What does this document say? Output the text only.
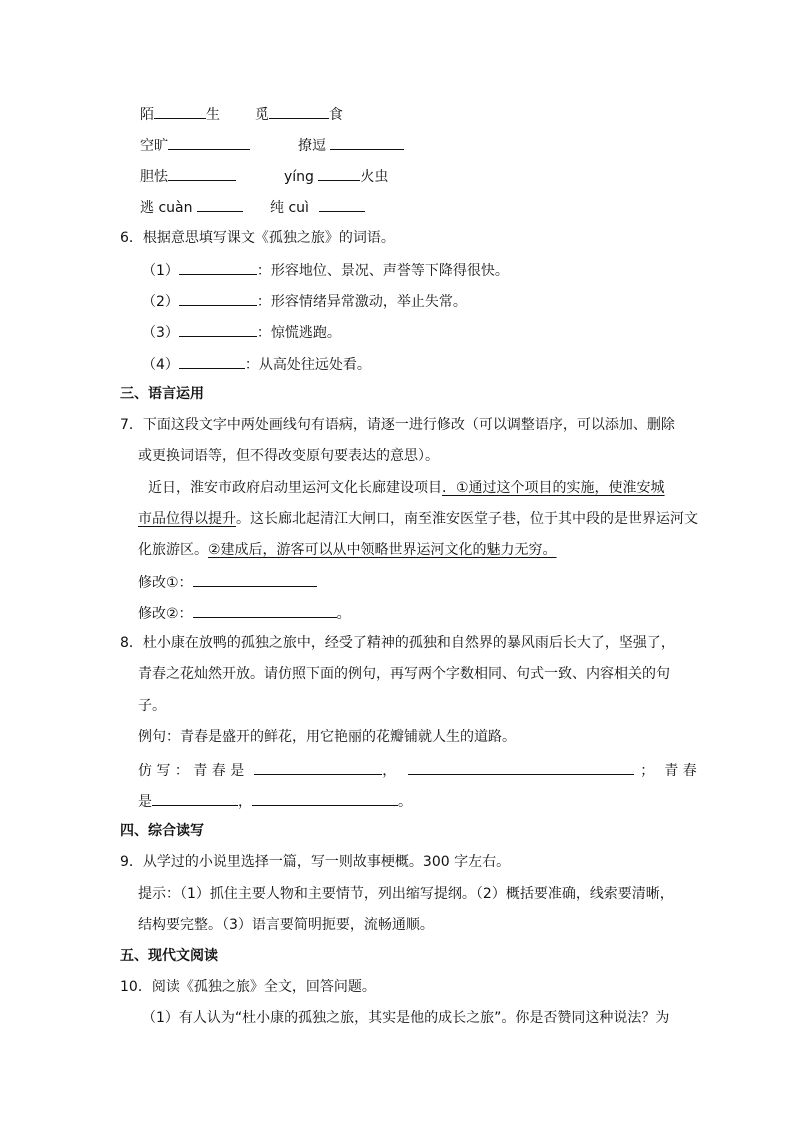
陌	生 觅	食
空旷	撩逗
胆怯	yíng	火虫
逃 cuàn	纯 cuì
6．根据意思填写课文《孤独之旅》的词语。
（1）	：形容地位、景况、声誉等下降得很快。
（2）	：形容情绪异常激动，举止失常。
（3）	：惊慌逃跑。
（4）	：从高处往远处看。
三、语言运用
7．下面这段文字中两处画线句有语病，请逐一进行修改（可以调整语序，可以添加、删除
或更换词语等，但不得改变原句要表达的意思）。
近日，淮安市政府启动里运河文化长廊建设项目．①通过这个项目的实施，使淮安城
市品位得以提升。这长廊北起清江大闸口，南至淮安医堂子巷，位于其中段的是世界运河文
化旅游区。②建成后，游客可以从中领略世界运河文化的魅力无穷。
修改①：
修改②：	。
8．杜小康在放鸭的孤独之旅中，经受了精神的孤独和自然界的暴风雨后长大了，坚强了，
青春之花灿然开放。请仿照下面的例句，再写两个字数相同、句式一致、内容相关的句
子。
例句：青春是盛开的鲜花，用它艳丽的花瓣铺就人生的道路。
仿 写 ： 青 春 是	，	； 青 春
是	，	。
四、综合读写
9．从学过的小说里选择一篇，写一则故事梗概。300 字左右。
提示：（1）抓住主要人物和主要情节，列出缩写提纲。（2）概括要准确，线索要清晰，
结构要完整。（3）语言要简明扼要，流畅通顺。
五、现代文阅读
10．阅读《孤独之旅》全文，回答问题。
（1）有人认为“杜小康的孤独之旅，其实是他的成长之旅”。你是否赞同这种说法？为
